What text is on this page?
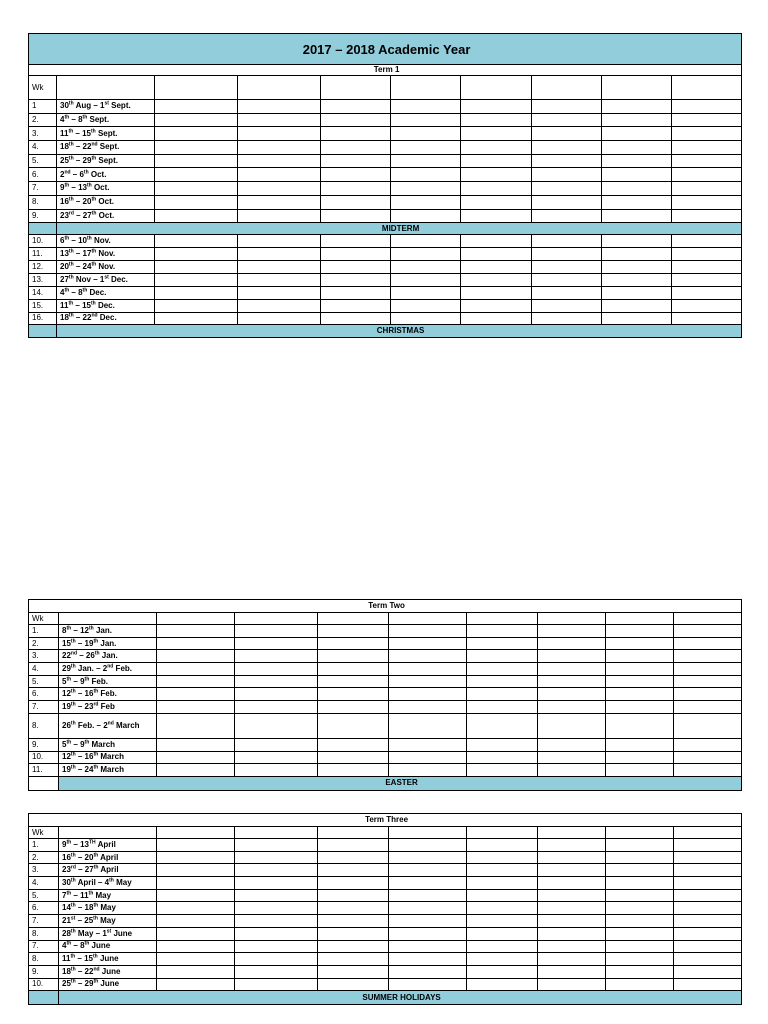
2017 – 2018 Academic Year									
Term 1									
Wk									
1	30th Aug – 1st Sept.								
2.	4th – 8th Sept.								
3.	11th – 15th Sept.								
4.	18th – 22nd Sept.								
5.	25th – 29th Sept.								
6.	2nd – 6th Oct.								
7.	9th – 13th Oct.								
8.	16th – 20th Oct.								
9.	23rd – 27th Oct.								
	MIDTERM								
10.	6th – 10th Nov.								
11.	13th – 17th Nov.								
12.	20th – 24th Nov.								
13.	27th Nov – 1st Dec.								
14.	4th – 8th Dec.								
15.	11th – 15th Dec.								
16.	18th – 22nd Dec.								
	CHRISTMAS								
Term Two									
Wk									
1.	8th – 12th Jan.								
2.	15th – 19th Jan.								
3.	22nd – 26th Jan.								
4.	29th Jan. – 2nd Feb.								
5.	5th – 9th Feb.								
6.	12th – 16th Feb.								
7.	19th – 23rd Feb								
8.	26th Feb. – 2nd March								
9.	5th – 9th March								
10.	12th – 16th March								
11.	19th – 24th March								
	EASTER								
Term Three									
Wk									
1.	9th – 13TH April								
2.	16th – 20th April								
3.	23rd – 27th April								
4.	30th April – 4th May								
5.	7th – 11th May								
6.	14th – 18th May								
7.	21st – 25th May								
8.	28th May – 1st June								
7.	4th – 8th June								
8.	11th – 15th June								
9.	18th – 22nd June								
10.	25th – 29th June								
	SUMMER HOLIDAYS								
